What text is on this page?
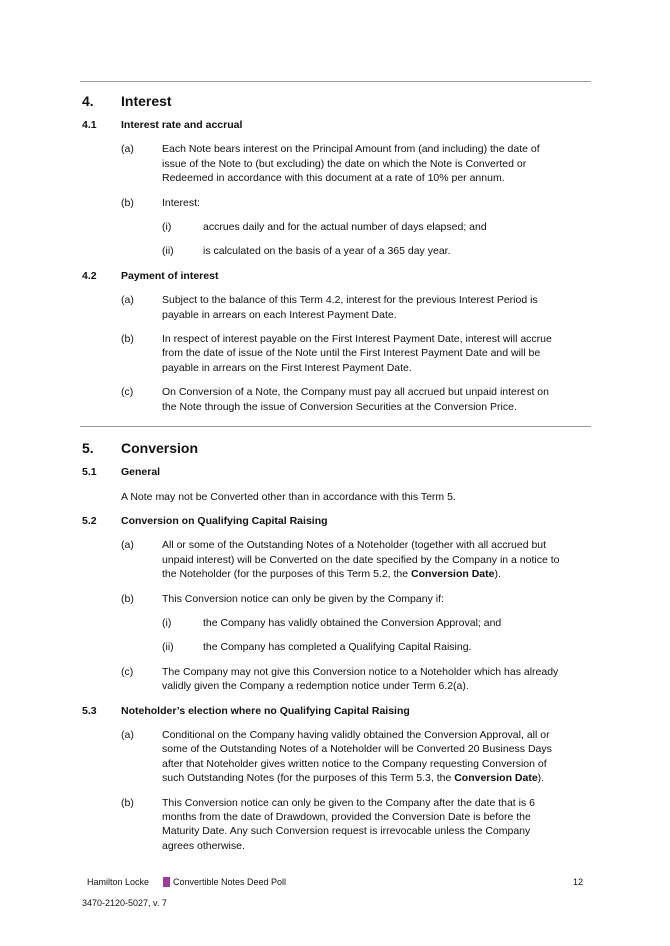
4. Interest
4.1 Interest rate and accrual
(a)	Each Note bears interest on the Principal Amount from (and including) the date of
issue of the Note to (but excluding) the date on which the Note is Converted or
Redeemed in accordance with this document at a rate of 10% per annum.
(b)	Interest:
(i)	accrues daily and for the actual number of days elapsed; and
(ii)	is calculated on the basis of a year of a 365 day year.
4.2 Payment of interest
(a)	Subject to the balance of this Term 4.2, interest for the previous Interest Period is
payable in arrears on each Interest Payment Date.
(b)	In respect of interest payable on the First Interest Payment Date, interest will accrue
from the date of issue of the Note until the First Interest Payment Date and will be
payable in arrears on the First Interest Payment Date.
(c)	On Conversion of a Note, the Company must pay all accrued but unpaid interest on
the Note through the issue of Conversion Securities at the Conversion Price.
5. Conversion
5.1 General
A Note may not be Converted other than in accordance with this Term 5.
5.2 Conversion on Qualifying Capital Raising
(a)	All or some of the Outstanding Notes of a Noteholder (together with all accrued but
unpaid interest) will be Converted on the date specified by the Company in a notice to
the Noteholder (for the purposes of this Term 5.2, the Conversion Date).
(b)	This Conversion notice can only be given by the Company if:
(i)	the Company has validly obtained the Conversion Approval; and
(ii)	the Company has completed a Qualifying Capital Raising.
(c)	The Company may not give this Conversion notice to a Noteholder which has already
validly given the Company a redemption notice under Term 6.2(a).
5.3 Noteholder’s election where no Qualifying Capital Raising
(a)	Conditional on the Company having validly obtained the Conversion Approval, all or
some of the Outstanding Notes of a Noteholder will be Converted 20 Business Days
after that Noteholder gives written notice to the Company requesting Conversion of
such Outstanding Notes (for the purposes of this Term 5.3, the Conversion Date).
(b)	This Conversion notice can only be given to the Company after the date that is 6
months from the date of Drawdown, provided the Conversion Date is before the
Maturity Date. Any such Conversion request is irrevocable unless the Company
agrees otherwise.
Hamilton Locke	Convertible Notes Deed Poll	12
3470-2120-5027, v. 7
